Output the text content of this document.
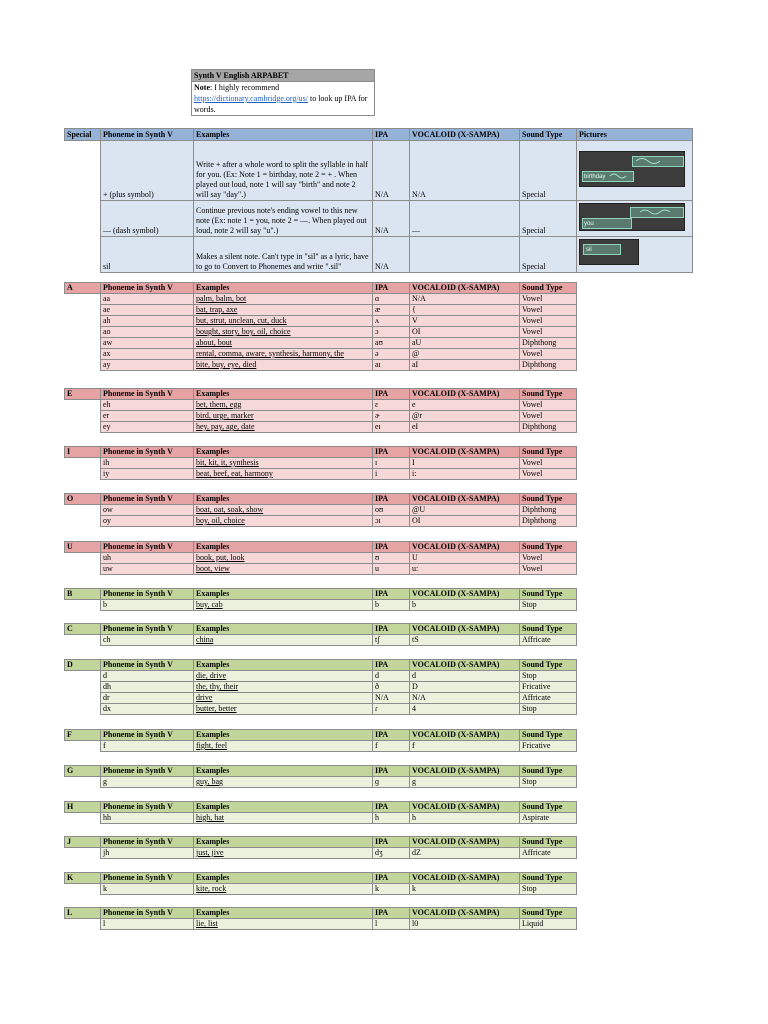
Synth V English ARPABET
Note: I highly recommend
https://dictionary.cambridge.org/us/ to look up IPA for words.
Special	Phoneme in Synth V	Examples	IPA	VOCALOID (X-SAMPA)	Sound Type	Pictures
	+ (plus symbol)	Write + after a whole word to split the syllable in half for you. (Ex: Note 1 = birthday, note 2 = + . When played out loud, note 1 will say "birth" and note 2 will say "day".)	N/A	N/A	Special	birthday

	— (dash symbol)	Continue previous note's ending vowel to this new note (Ex: note 1 = you, note 2 = —. When played out loud, note 2 will say "u".)	N/A	—	Special	you

	sil	Makes a silent note. Can't type in "sil" as a lyric, have to go to Convert to Phonemes and write ".sil"	N/A		Special	sil
A	Phoneme in Synth V	Examples	IPA	VOCALOID (X-SAMPA)	Sound Type
	aa	palm, balm, bot	ɑ	N/A	Vowel
	ae	bat, trap, axe	æ	{	Vowel
	ah	but, strut, unclean, cut, duck	ʌ	V	Vowel
	ao	bought, story, boy, oil, choice	ɔ	OI	Vowel
	aw	about, bout	aʊ	aU	Diphthong
	ax	rental, comma, aware, synthesis, harmony, the	ə	@	Vowel
	ay	bite, buy, eye, died	aɪ	aI	Diphthong
E	Phoneme in Synth V	Examples	IPA	VOCALOID (X-SAMPA)	Sound Type
	eh	bet, them, egg	ɛ	e	Vowel
	er	bird, urge, marker	ɚ	@r	Vowel
	ey	hey, pay, age, date	eɪ	eI	Diphthong
I	Phoneme in Synth V	Examples	IPA	VOCALOID (X-SAMPA)	Sound Type
	ih	bit, kit, it, synthesis	ɪ	I	Vowel
	iy	beat, beef, eat, harmony	i	i:	Vowel
O	Phoneme in Synth V	Examples	IPA	VOCALOID (X-SAMPA)	Sound Type
	ow	boat, oat, soak, show	oʊ	@U	Diphthong
	oy	boy, oil, choice	ɔɪ	OI	Diphthong
U	Phoneme in Synth V	Examples	IPA	VOCALOID (X-SAMPA)	Sound Type
	uh	book, put, look	ʊ	U	Vowel
	uw	boot, view	u	u:	Vowel
B	Phoneme in Synth V	Examples	IPA	VOCALOID (X-SAMPA)	Sound Type
	b	buy, cab	b	b	Stop
C	Phoneme in Synth V	Examples	IPA	VOCALOID (X-SAMPA)	Sound Type
	ch	china	tʃ	tS	Affricate
D	Phoneme in Synth V	Examples	IPA	VOCALOID (X-SAMPA)	Sound Type
	d	die, drive	d	d	Stop
	dh	the, thy, their	ð	D	Fricative
	dr	drive	N/A	N/A	Affricate
	dx	butter, better	ɾ	4	Stop
F	Phoneme in Synth V	Examples	IPA	VOCALOID (X-SAMPA)	Sound Type
	f	fight, feel	f	f	Fricative
G	Phoneme in Synth V	Examples	IPA	VOCALOID (X-SAMPA)	Sound Type
	g	guy, bag	ɡ	g	Stop
H	Phoneme in Synth V	Examples	IPA	VOCALOID (X-SAMPA)	Sound Type
	hh	high, hat	h	h	Aspirate
J	Phoneme in Synth V	Examples	IPA	VOCALOID (X-SAMPA)	Sound Type
	jh	just, jive	dʒ	dZ	Affricate
K	Phoneme in Synth V	Examples	IPA	VOCALOID (X-SAMPA)	Sound Type
	k	kite, rock	k	k	Stop
L	Phoneme in Synth V	Examples	IPA	VOCALOID (X-SAMPA)	Sound Type
	l	lie, list	l	l0	Liquid
